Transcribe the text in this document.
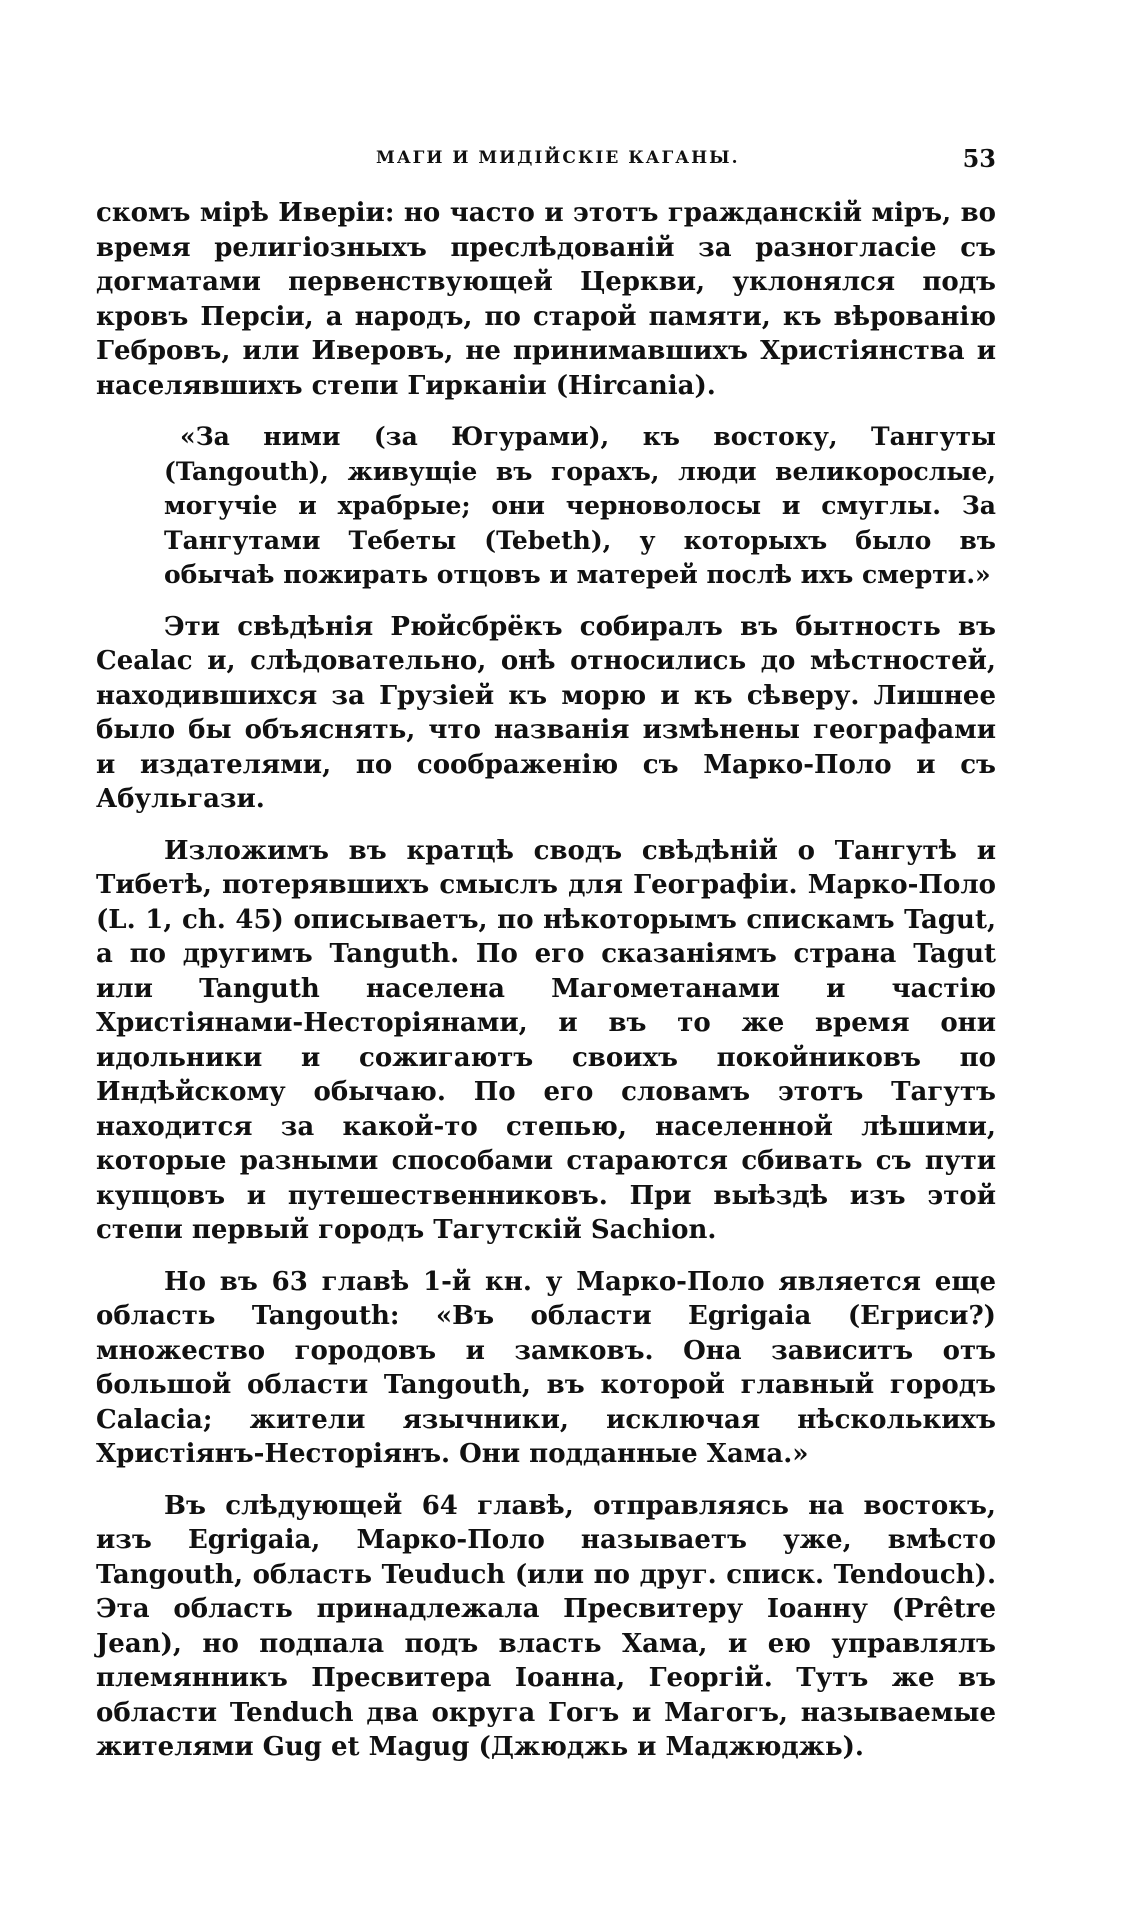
МАГИ И МИДІЙСКІЕ КАГАНЫ.	53

скомъ мірѣ Иверіи: но часто и этотъ гражданскій міръ, во время религіозныхъ преслѣдованій за разногласіе съ догматами первенствующей Церкви, уклонялся подъ кровъ Персіи, а народъ, по старой памяти, къ вѣрованію Гебровъ, или Иверовъ, не принимавшихъ Христіянства и населявшихъ степи Гирканіи (Hircania).

«За ними (за Югурами), къ востоку, Тангуты (Tangouth), живущіе въ горахъ, люди великорослые, могучіе и храбрые; они черноволосы и смуглы. За Тангутами Тебеты (Tebeth), у которыхъ было въ обычаѣ пожирать отцовъ и матерей послѣ ихъ смерти.»

Эти свѣдѣнія Рюйсбрёкъ собиралъ въ бытность въ Cealac и, слѣдовательно, онѣ относились до мѣстностей, находившихся за Грузіей къ морю и къ сѣверу. Лишнее было бы объяснять, что названія измѣнены географами и издателями, по соображенію съ Марко-Поло и съ Абульгази.

Изложимъ въ кратцѣ сводъ свѣдѣній о Тангутѣ и Тибетѣ, потерявшихъ смыслъ для Географіи. Марко-Поло (L. 1, ch. 45) описываетъ, по нѣкоторымъ спискамъ Tagut, а по другимъ Tanguth. По его сказаніямъ страна Tagut или Tanguth населена Магометанами и частію Христіянами-Несторіянами, и въ то же время они идольники и сожигаютъ своихъ покойниковъ по Индѣйскому обычаю. По его словамъ этотъ Тагутъ находится за какой-то степью, населенной лѣшими, которые разными способами стараются сбивать съ пути купцовъ и путешественниковъ. При выѣздѣ изъ этой степи первый городъ Тагутскій Sachion.

Но въ 63 главѣ 1-й кн. у Марко-Поло является еще область Tangouth: «Въ области Egrigaia (Егриси?) множество городовъ и замковъ. Она зависитъ отъ большой области Tangouth, въ которой главный городъ Calacia; жители язычники, исключая нѣсколькихъ Христіянъ-Несторіянъ. Они подданные Хама.»

Въ слѣдующей 64 главѣ, отправляясь на востокъ, изъ Egrigaia, Марко-Поло называетъ уже, вмѣсто Tangouth, область Teuduch (или по друг. списк. Tendouch). Эта область принадлежала Пресвитеру Іоанну (Prêtre Jean), но подпала подъ власть Хама, и ею управлялъ племянникъ Пресвитера Іоанна, Георгій. Тутъ же въ области Tenduch два округа Гогъ и Магогъ, называемые жителями Gug et Magug (Джюджь и Маджюджь).
